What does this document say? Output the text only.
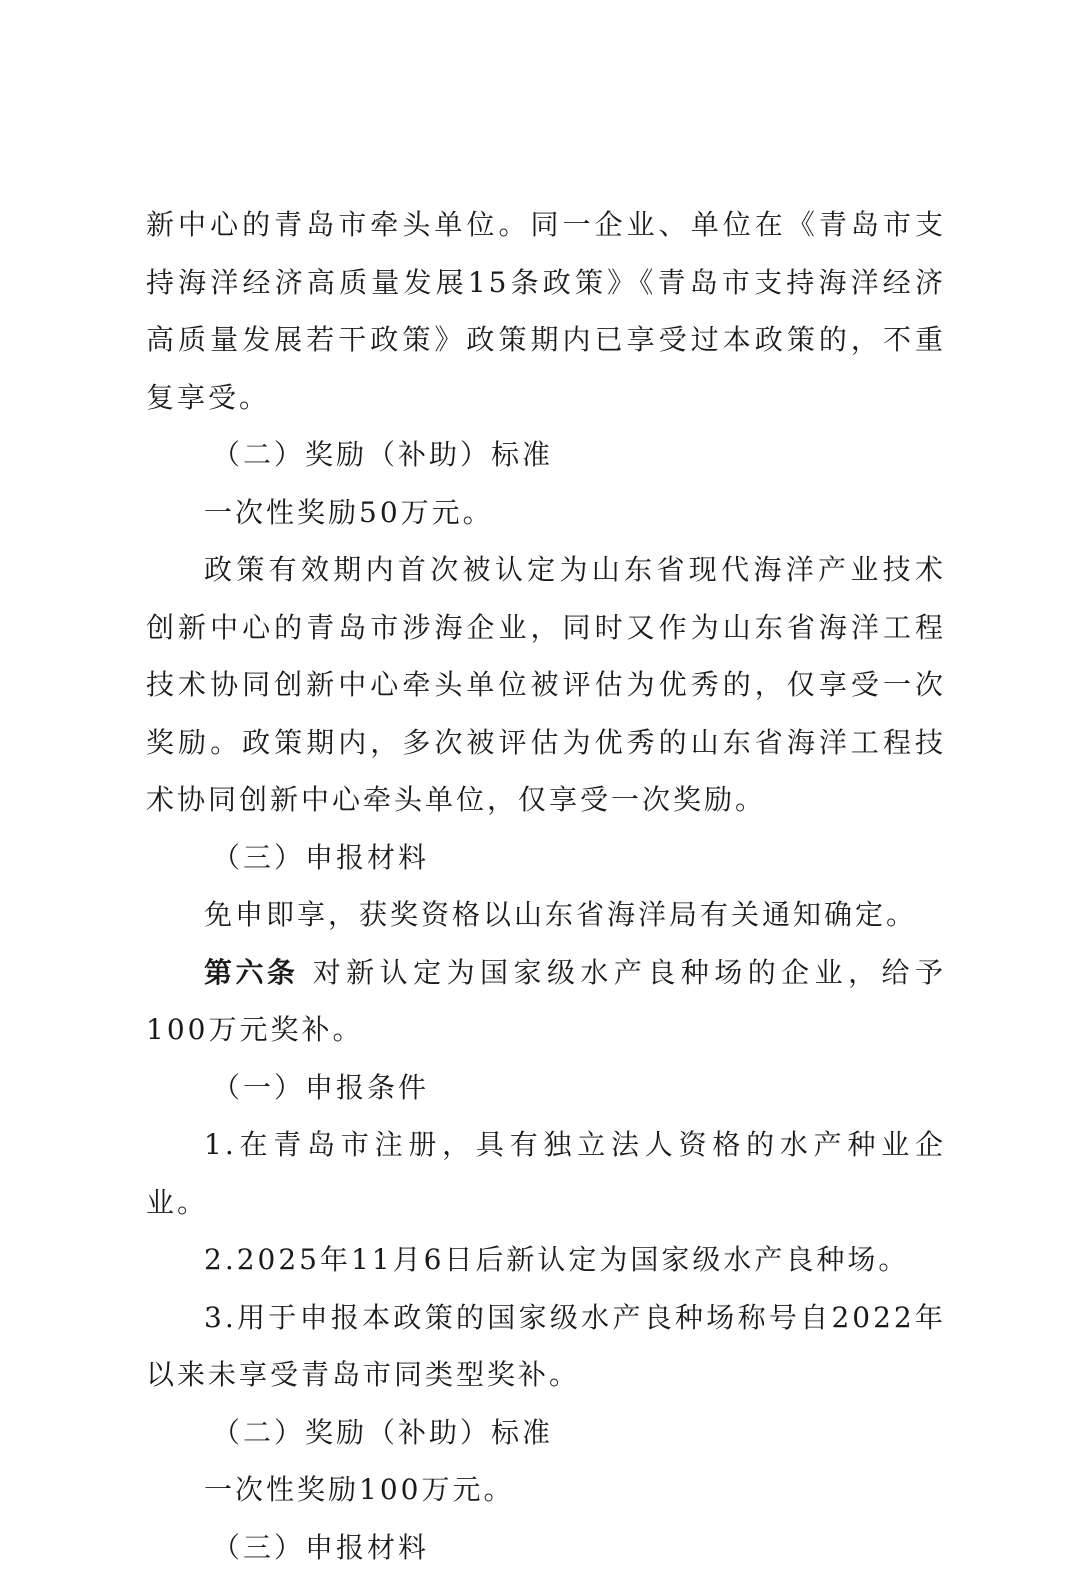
新中心的青岛市牵头单位。同一企业、单位在《青岛市支持海洋经济高质量发展15条政策》《青岛市支持海洋经济高质量发展若干政策》政策期内已享受过本政策的，不重复享受。

（二）奖励（补助）标准

一次性奖励50万元。

政策有效期内首次被认定为山东省现代海洋产业技术创新中心的青岛市涉海企业，同时又作为山东省海洋工程技术协同创新中心牵头单位被评估为优秀的，仅享受一次奖励。政策期内，多次被评估为优秀的山东省海洋工程技术协同创新中心牵头单位，仅享受一次奖励。

（三）申报材料

免申即享，获奖资格以山东省海洋局有关通知确定。

第六条 对新认定为国家级水产良种场的企业，给予100万元奖补。

（一）申报条件

1.在青岛市注册，具有独立法人资格的水产种业企业。

2.2025年11月6日后新认定为国家级水产良种场。

3.用于申报本政策的国家级水产良种场称号自2022年以来未享受青岛市同类型奖补。

（二）奖励（补助）标准

一次性奖励100万元。

（三）申报材料
